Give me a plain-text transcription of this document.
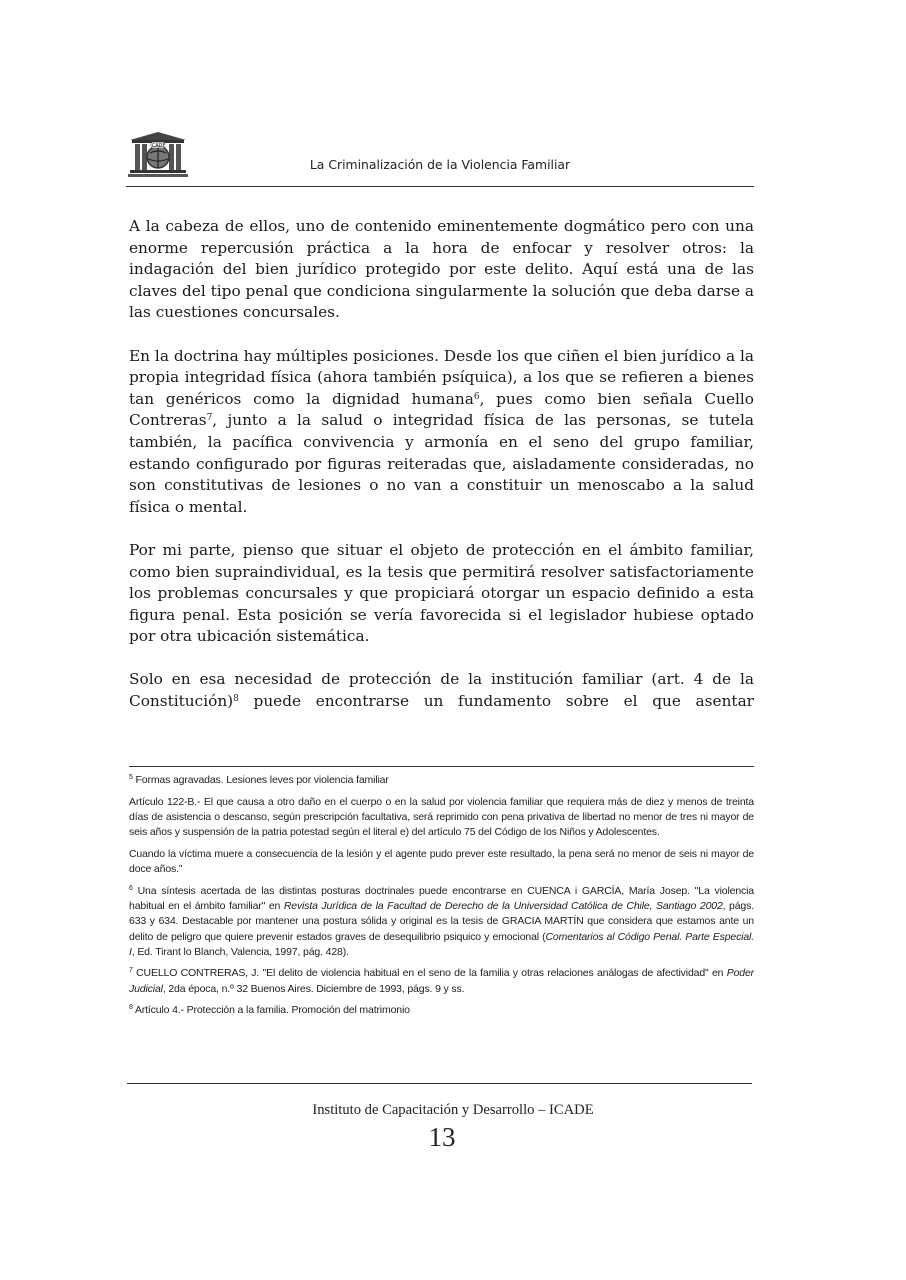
ICADE
La Criminalización de la Violencia Familiar

A la cabeza de ellos, uno de contenido eminentemente dogmático pero con una enorme repercusión práctica a la hora de enfocar y resolver otros: la indagación del bien jurídico protegido por este delito. Aquí está una de las claves del tipo penal que condiciona singularmente la solución que deba darse a las cuestiones concursales.

En la doctrina hay múltiples posiciones. Desde los que ciñen el bien jurídico a la propia integridad física (ahora también psíquica), a los que se refieren a bienes tan genéricos como la dignidad humana$^6$, pues como bien señala Cuello Contreras$^7$, junto a la salud o integridad física de las personas, se tutela también, la pacífica convivencia y armonía en el seno del grupo familiar, estando configurado por figuras reiteradas que, aisladamente consideradas, no son constitutivas de lesiones o no van a constituir un menoscabo a la salud física o mental.

Por mi parte, pienso que situar el objeto de protección en el ámbito familiar, como bien supraindividual, es la tesis que permitirá resolver satisfactoriamente los problemas concursales y que propiciará otorgar un espacio definido a esta figura penal. Esta posición se vería favorecida si el legislador hubiese optado por otra ubicación sistemática.

Solo en esa necesidad de protección de la institución familiar (art. 4 de la Constitución)$^8$ puede encontrarse un fundamento sobre el que asentar

$^5$ Formas agravadas. Lesiones leves por violencia familiar

Artículo 122-B.- El que causa a otro daño en el cuerpo o en la salud por violencia familiar que requiera más de diez y menos de treinta días de asistencia o descanso, según prescripción facultativa, será reprimido con pena privativa de libertad no menor de tres ni mayor de seis años y suspensión de la patria potestad según el literal e) del artículo 75 del Código de los Niños y Adolescentes.

Cuando la víctima muere a consecuencia de la lesión y el agente pudo prever este resultado, la pena será no menor de seis ni mayor de doce años.”

$^6$ Una síntesis acertada de las distintas posturas doctrinales puede encontrarse en CUENCA i GARCÍA, María Josep. "La violencia habitual en el ámbito familiar" en Revista Jurídica de la Facultad de Derecho de la Universidad Católica de Chile, Santiago 2002, págs. 633 y 634. Destacable por mantener una postura sólida y original es la tesis de GRACIA MARTÍN que considera que estamos ante un delito de peligro que quiere prevenir estados graves de desequilibrio psiquico y emocional (Comentarios al Código Penal. Parte Especial. I, Ed. Tirant lo Blanch, Valencia, 1997, pág. 428).

$^7$ CUELLO CONTRERAS, J. "El delito de violencia habitual en el seno de la familia y otras relaciones análogas de afectividad" en Poder Judicial, 2da época, n.º 32 Buenos Aires. Diciembre de 1993, págs. 9 y ss.

$^8$ Artículo 4.- Protección a la familia. Promoción del matrimonio

Instituto de Capacitación y Desarrollo – ICADE
13
